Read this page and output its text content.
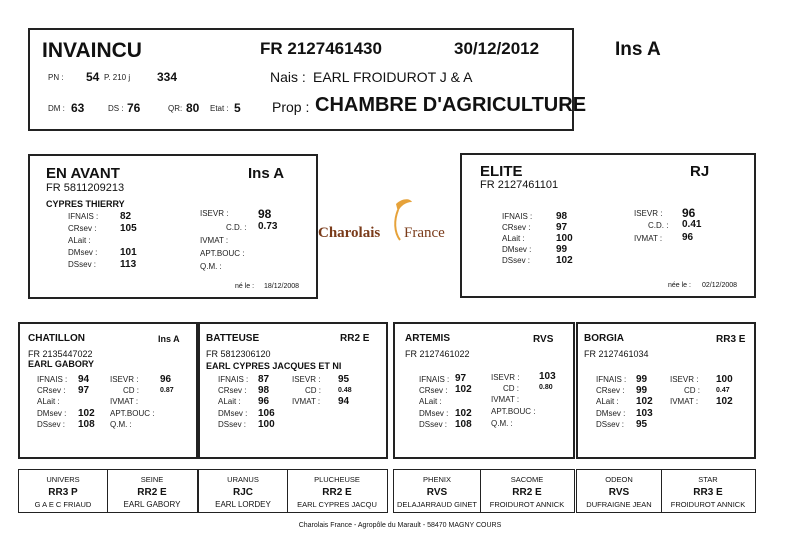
INVAINCU	FR 2127461430	30/12/2012	Ins A
PN : 54 P. 210 j 334	Nais : EARL FROIDUROT J & A
DM : 63	DS : 76	QR: 80 Etat : 5 Prop : CHAMBRE D'AGRICULTURE
EN AVANT	Ins A
FR 5811209213
CYPRES THIERRY
IFNAIS : 82
CRsev : 105
ALait :
DMsev : 101
DSsev : 113
ISEVR : 98
C.D. : 0.73
IVMAT :
APT.BOUC :
Q.M. :
né le : 18/12/2008
Charolais France
ELITE	RJ
FR 2127461101
IFNAIS : 98
CRsev :	97
ALait :	100
DMsev : 99
DSsev :	102
ISEVR : 96
C.D. : 0.41
IVMAT : 96
née le : 02/12/2008
CHATILLON	Ins A
FR 2135447022
EARL GABORY
IFNAIS : 94
CRsev : 97
ALait :
DMsev : 102
DSsev : 108
ISEVR : 96
CD :	0.87
IVMAT :
APT.BOUC :
Q.M. :
BATTEUSE	RR2 E
FR 5812306120
EARL CYPRES JACQUES ET NI
IFNAIS : 87
CRsev : 98
ALait : 96
DMsev : 106
DSsev : 100
ISEVR : 95
CD : 0.48
IVMAT : 94
ARTEMIS	RVS
FR 2127461022
IFNAIS : 97
CRsev : 102
ALait :
DMsev : 102
DSsev : 108
ISEVR : 103
CD :	0.80
IVMAT :
APT.BOUC :
Q.M. :
BORGIA	RR3 E
FR 2127461034
IFNAIS : 99
CRsev : 99
ALait : 102
DMsev : 103
DSsev : 95
ISEVR : 100
CD : 0.47
IVMAT : 102
UNIVERS
RR3 P
G A E C FRIAUD
SEINE
RR2 E
EARL GABORY
URANUS
RJC
EARL LORDEY
PLUCHEUSE
RR2 E
EARL CYPRES JACQU
PHENIX
RVS
DELAJARRAUD GINET
SACOME
RR2 E
FROIDUROT ANNICK
ODEON
RVS
DUFRAIGNE JEAN
STAR
RR3 E
FROIDUROT ANNICK
Charolais France - Agropôle du Marault - 58470 MAGNY COURS
